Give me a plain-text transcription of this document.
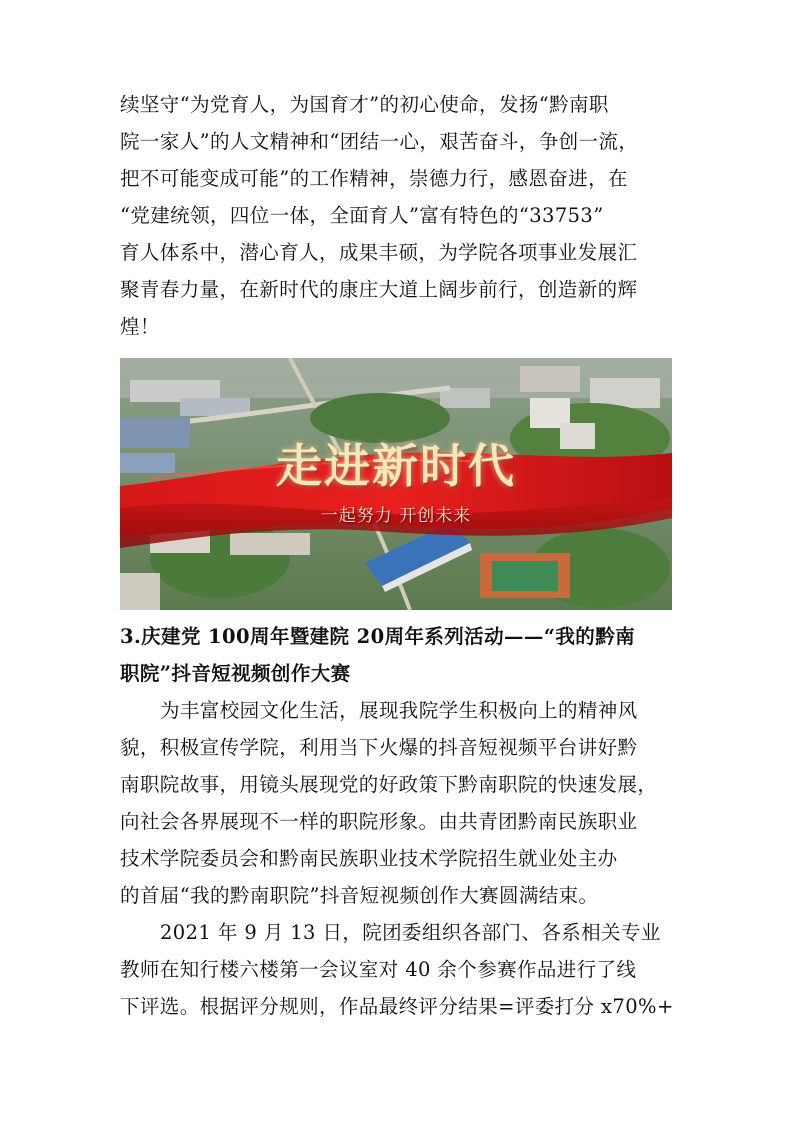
续坚守“为党育人，为国育才”的初心使命，发扬“黔南职
院一家人”的人文精神和“团结一心，艰苦奋斗，争创一流，
把不可能变成可能”的工作精神，崇德力行，感恩奋进，在
“党建统领，四位一体，全面育人”富有特色的“33753”
育人体系中，潜心育人，成果丰硕，为学院各项事业发展汇
聚青春力量，在新时代的康庄大道上阔步前行，创造新的辉
煌！
走进新时代
一起努力 开创未来
3.庆建党 100周年暨建院 20周年系列活动——“我的黔南
职院”抖音短视频创作大赛
为丰富校园文化生活，展现我院学生积极向上的精神风
貌，积极宣传学院，利用当下火爆的抖音短视频平台讲好黔
南职院故事，用镜头展现党的好政策下黔南职院的快速发展，
向社会各界展现不一样的职院形象。由共青团黔南民族职业
技术学院委员会和黔南民族职业技术学院招生就业处主办
的首届“我的黔南职院”抖音短视频创作大赛圆满结束。
2021 年 9 月 13 日，院团委组织各部门、各系相关专业
教师在知行楼六楼第一会议室对 40 余个参赛作品进行了线
下评选。根据评分规则，作品最终评分结果=评委打分 x70%+
